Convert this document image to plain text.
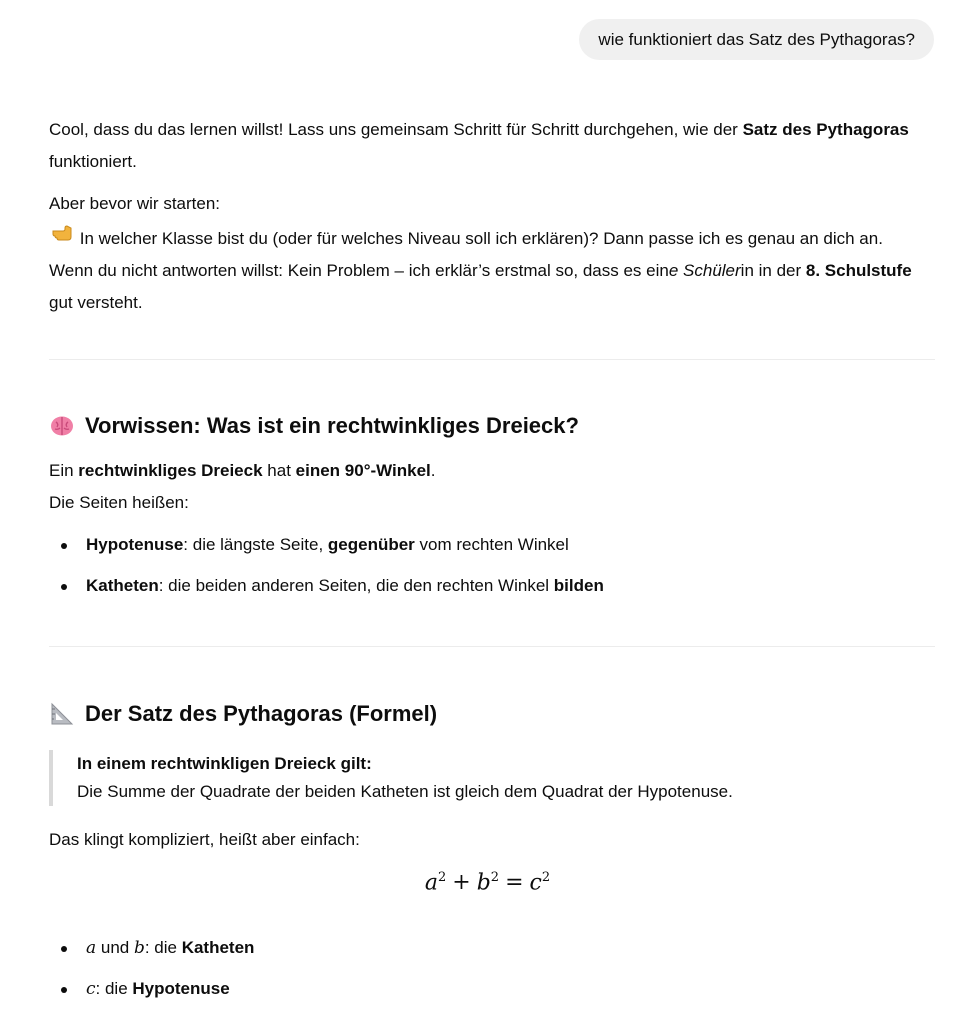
wie funktioniert das Satz des Pythagoras?

Cool, dass du das lernen willst! Lass uns gemeinsam Schritt für Schritt durchgehen, wie der Satz des Pythagoras funktioniert.

Aber bevor wir starten:

In welcher Klasse bist du (oder für welches Niveau soll ich erklären)? Dann passe ich es genau an dich an.

Wenn du nicht antworten willst: Kein Problem – ich erklär’s erstmal so, dass es eine Schülerin in der 8. Schulstufe gut versteht.

Vorwissen: Was ist ein rechtwinkliges Dreieck?

Ein rechtwinkliges Dreieck hat einen 90°-Winkel.

Die Seiten heißen:

Hypotenuse: die längste Seite, gegenüber vom rechten Winkel
Katheten: die beiden anderen Seiten, die den rechten Winkel bilden
Der Satz des Pythagoras (Formel)

In einem rechtwinkligen Dreieck gilt:

Die Summe der Quadrate der beiden Katheten ist gleich dem Quadrat der Hypotenuse.

Das klingt kompliziert, heißt aber einfach:

$a^2 + b^2 = c^2$
a und b: die Katheten
c: die Hypotenuse
